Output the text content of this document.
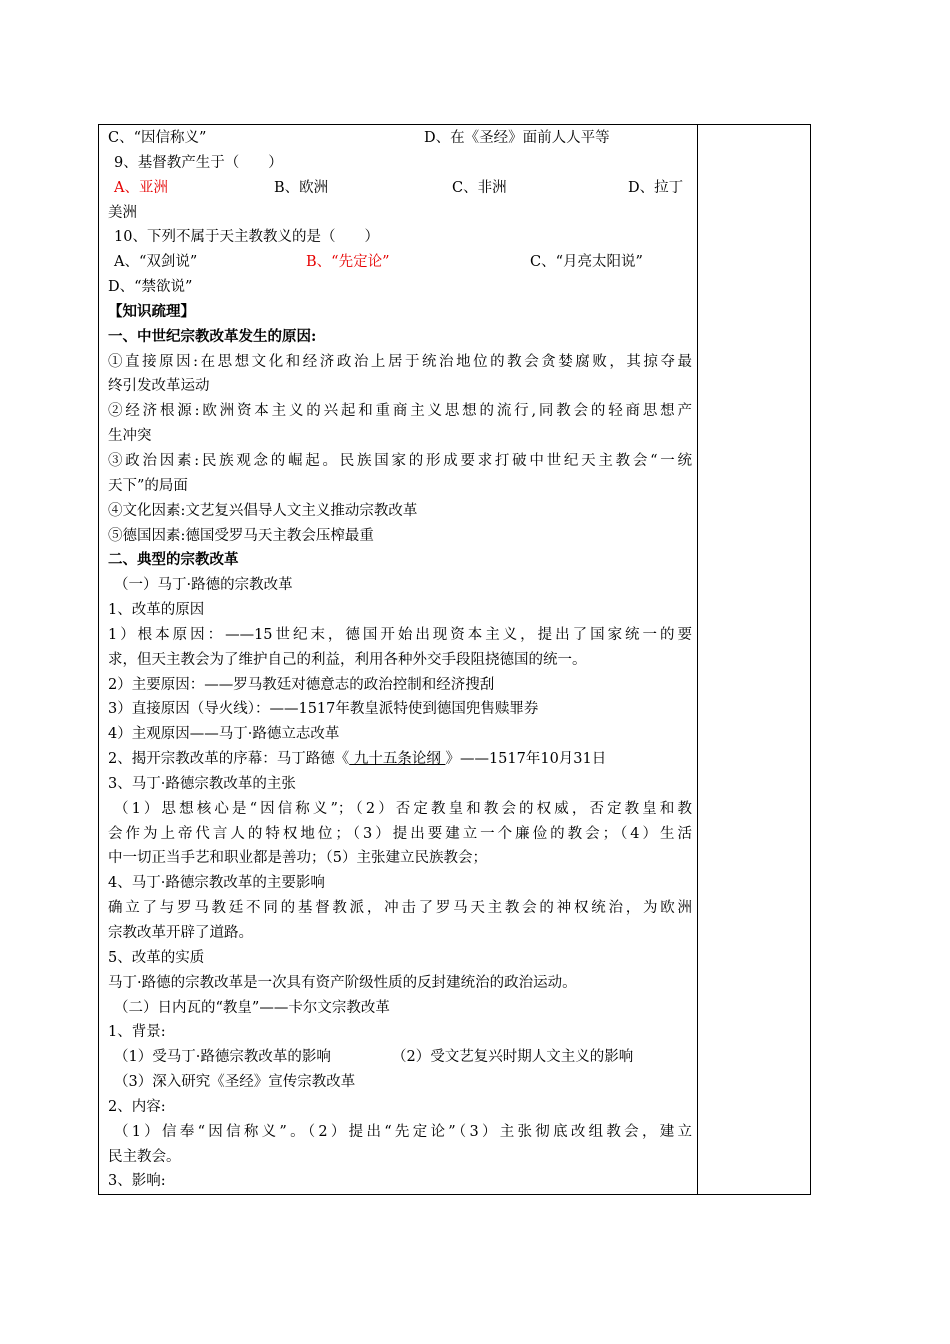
C、“因信称义”	D、在《圣经》面前人人平等
9、基督教产生于（　　）
A、亚洲	B、欧洲	C、非洲	D、拉丁
美洲
10、下列不属于天主教教义的是（　　）
A、“双剑说”	B、“先定论”	C、“月亮太阳说”
D、“禁欲说”
【知识疏理】
一、中世纪宗教改革发生的原因:
①直接原因:在思想文化和经济政治上居于统治地位的教会贪婪腐败，其掠夺最
终引发改革运动
②经济根源:欧洲资本主义的兴起和重商主义思想的流行,同教会的轻商思想产
生冲突
③政治因素:民族观念的崛起。民族国家的形成要求打破中世纪天主教会“一统
天下”的局面
④文化因素:文艺复兴倡导人文主义推动宗教改革
⑤德国因素:德国受罗马天主教会压榨最重
二、典型的宗教改革
（一）马丁·路德的宗教改革
1、改革的原因
1）根本原因：——15世纪末，德国开始出现资本主义，提出了国家统一的要
求，但天主教会为了维护自己的利益，利用各种外交手段阻挠德国的统一。
2）主要原因：——罗马教廷对德意志的政治控制和经济搜刮
3）直接原因（导火线）：——1517年教皇派特使到德国兜售赎罪券
4）主观原因——马丁·路德立志改革
2、揭开宗教改革的序幕：马丁路德《 九十五条论纲 》——1517年10月31日
3、马丁·路德宗教改革的主张
（1）思想核心是“因信称义”；（2）否定教皇和教会的权威，否定教皇和教
会作为上帝代言人的特权地位；（3）提出要建立一个廉俭的教会；（4）生活
中一切正当手艺和职业都是善功；（5）主张建立民族教会；
4、马丁·路德宗教改革的主要影响
确立了与罗马教廷不同的基督教派，冲击了罗马天主教会的神权统治，为欧洲
宗教改革开辟了道路。
5、改革的实质
马丁·路德的宗教改革是一次具有资产阶级性质的反封建统治的政治运动。
（二）日内瓦的“教皇”——卡尔文宗教改革
1、背景:
（1）受马丁·路德宗教改革的影响	（2）受文艺复兴时期人文主义的影响
（3）深入研究《圣经》宣传宗教改革
2、内容:
（1）信奉“因信称义”。（2）提出“先定论”（3）主张彻底改组教会，建立
民主教会。
3、影响:
